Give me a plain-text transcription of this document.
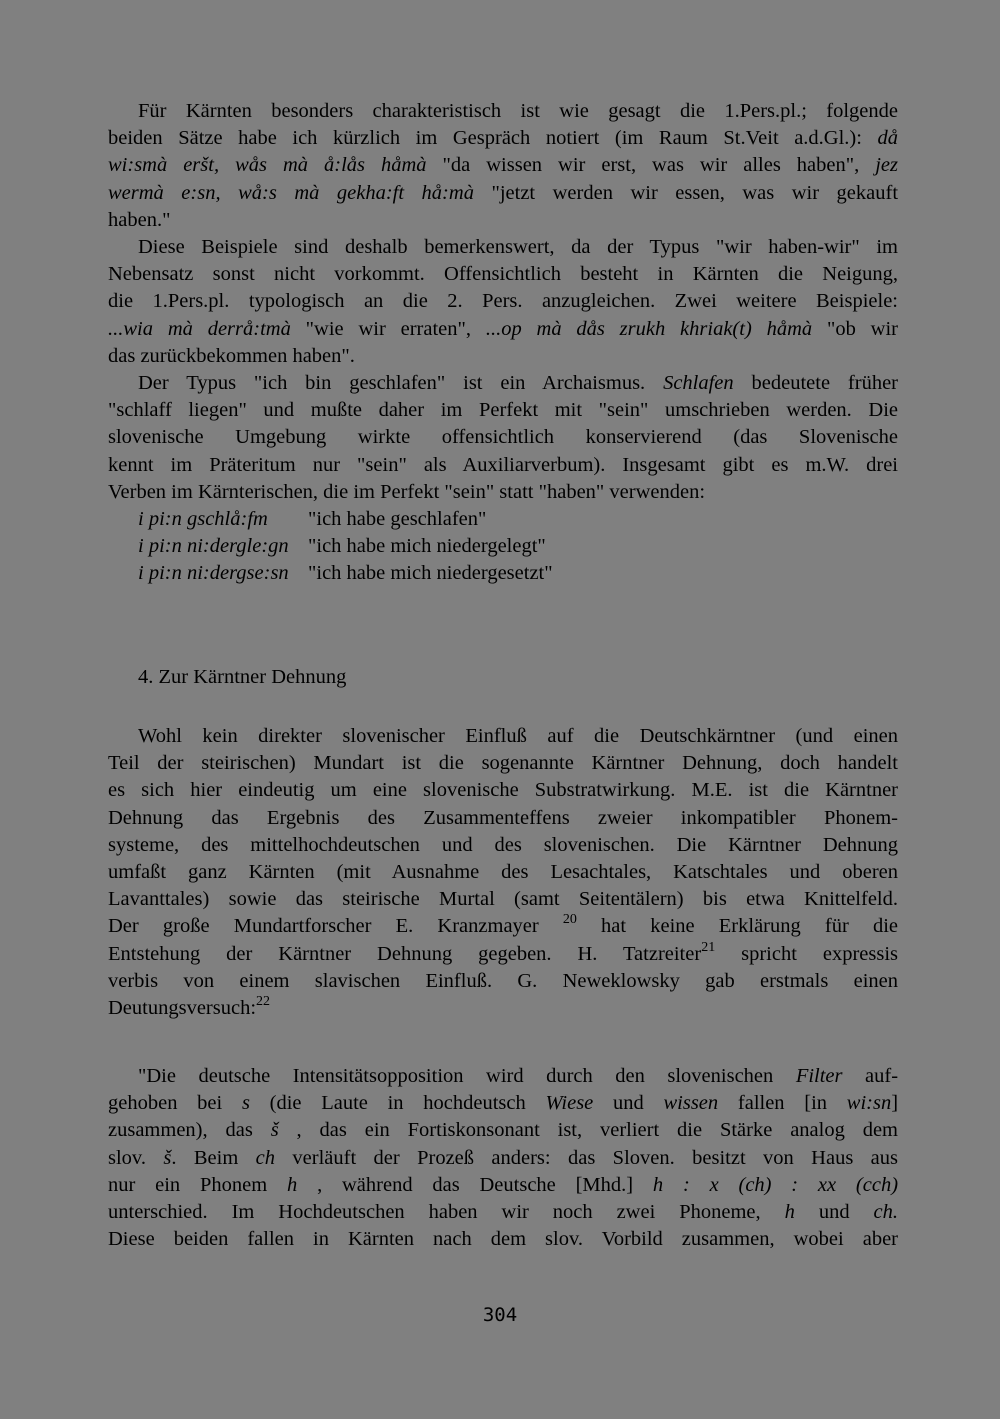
Für Kärnten besonders charakteristisch ist wie gesagt die 1.Pers.pl.; folgende
beiden Sätze habe ich kürzlich im Gespräch notiert (im Raum St.Veit a.d.Gl.): då
wi:smà eršt, wås mà å:lås håmà "da wissen wir erst, was wir alles haben", jez
wermà e:sn, wå:s mà gekha:ft hå:mà "jetzt werden wir essen, was wir gekauft
haben."
Diese Beispiele sind deshalb bemerkenswert, da der Typus "wir haben-wir" im
Nebensatz sonst nicht vorkommt. Offensichtlich besteht in Kärnten die Neigung,
die 1.Pers.pl. typologisch an die 2. Pers. anzugleichen. Zwei weitere Beispiele:
...wia mà derrå:tmà "wie wir erraten", ...op mà dås zrukh khriak(t) håmà "ob wir
das zurückbekommen haben".
Der Typus "ich bin geschlafen" ist ein Archaismus. Schlafen bedeutete früher
"schlaff liegen" und mußte daher im Perfekt mit "sein" umschrieben werden. Die
slovenische Umgebung wirkte offensichtlich konservierend (das Slovenische
kennt im Präteritum nur "sein" als Auxiliarverbum). Insgesamt gibt es m.W. drei
Verben im Kärnterischen, die im Perfekt "sein" statt "haben" verwenden:
i pi:n gschlå:fm "ich habe geschlafen"
i pi:n ni:dergle:gn "ich habe mich niedergelegt"
i pi:n ni:dergse:sn "ich habe mich niedergesetzt"
4. Zur Kärntner Dehnung
Wohl kein direkter slovenischer Einfluß auf die Deutschkärntner (und einen
Teil der steirischen) Mundart ist die sogenannte Kärntner Dehnung, doch handelt
es sich hier eindeutig um eine slovenische Substratwirkung. M.E. ist die Kärntner
Dehnung das Ergebnis des Zusammenteffens zweier inkompatibler Phonem-
systeme, des mittelhochdeutschen und des slovenischen. Die Kärntner Dehnung
umfaßt ganz Kärnten (mit Ausnahme des Lesachtales, Katschtales und oberen
Lavanttales) sowie das steirische Murtal (samt Seitentälern) bis etwa Knittelfeld.
Der große Mundartforscher E. Kranzmayer $^{20}$ hat keine Erklärung für die
Entstehung der Kärntner Dehnung gegeben. H. Tatzreiter$^{21}$ spricht expressis
verbis von einem slavischen Einfluß. G. Neweklowsky gab erstmals einen
Deutungsversuch:$^{22}$
"Die deutsche Intensitätsopposition wird durch den slovenischen Filter auf-
gehoben bei s (die Laute in hochdeutsch Wiese und wissen fallen [in wi:sn]
zusammen), das š , das ein Fortiskonsonant ist, verliert die Stärke analog dem
slov. š. Beim ch verläuft der Prozeß anders: das Sloven. besitzt von Haus aus
nur ein Phonem h , während das Deutsche [Mhd.] h : x (ch) : xx (cch)
unterschied. Im Hochdeutschen haben wir noch zwei Phoneme, h und ch.
Diese beiden fallen in Kärnten nach dem slov. Vorbild zusammen, wobei aber
304
